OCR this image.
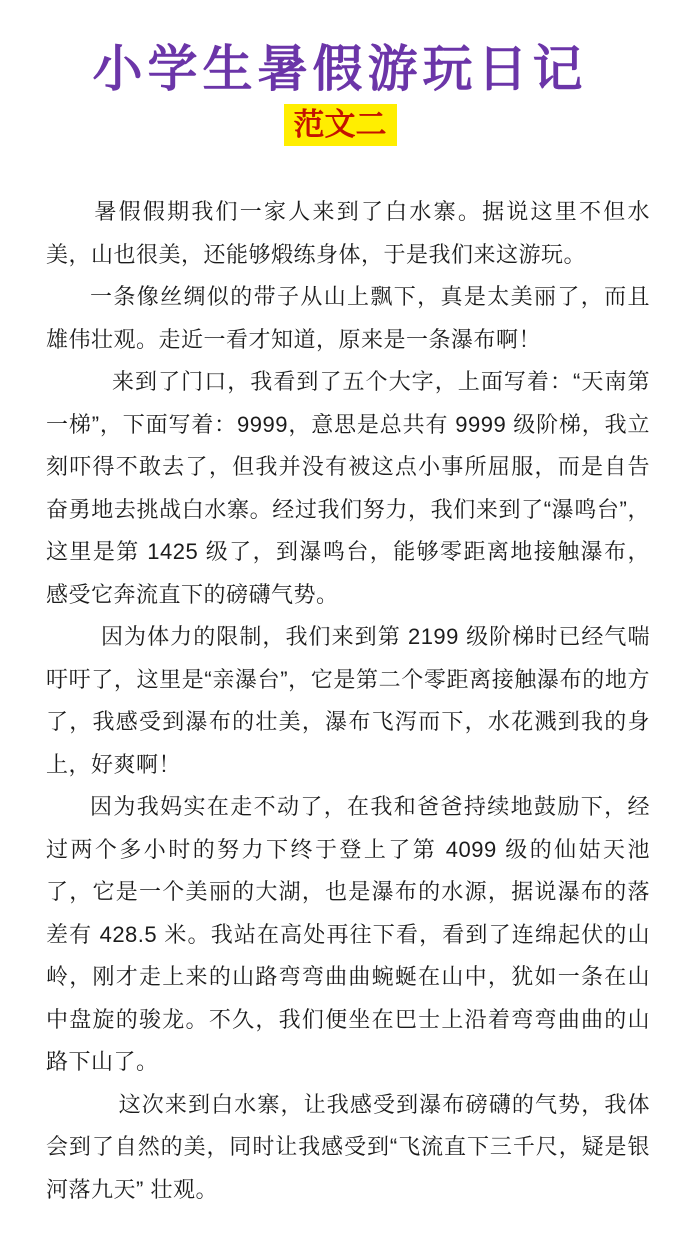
小学生暑假游玩日记
范文二

暑假假期我们一家人来到了白水寨。据说这里不但水美，山也很美，还能够煅练身体，于是我们来这游玩。

一条像丝绸似的带子从山上飘下，真是太美丽了，而且雄伟壮观。走近一看才知道，原来是一条瀑布啊！

来到了门口，我看到了五个大字，上面写着：“天南第一梯”，下面写着：9999，意思是总共有 9999 级阶梯，我立刻吓得不敢去了，但我并没有被这点小事所屈服，而是自告奋勇地去挑战白水寨。经过我们努力，我们来到了“瀑鸣台”，这里是第 1425 级了，到瀑鸣台，能够零距离地接触瀑布，感受它奔流直下的磅礴气势。

因为体力的限制，我们来到第 2199 级阶梯时已经气喘吁吁了，这里是“亲瀑台”，它是第二个零距离接触瀑布的地方了，我感受到瀑布的壮美，瀑布飞泻而下，水花溅到我的身上，好爽啊！

因为我妈实在走不动了，在我和爸爸持续地鼓励下，经过两个多小时的努力下终于登上了第 4099 级的仙姑天池了，它是一个美丽的大湖，也是瀑布的水源，据说瀑布的落差有 428.5 米。我站在高处再往下看，看到了连绵起伏的山岭，刚才走上来的山路弯弯曲曲蜿蜒在山中，犹如一条在山中盘旋的骏龙。不久，我们便坐在巴士上沿着弯弯曲曲的山路下山了。

这次来到白水寨，让我感受到瀑布磅礴的气势，我体会到了自然的美，同时让我感受到“飞流直下三千尺，疑是银河落九天” 壮观。
